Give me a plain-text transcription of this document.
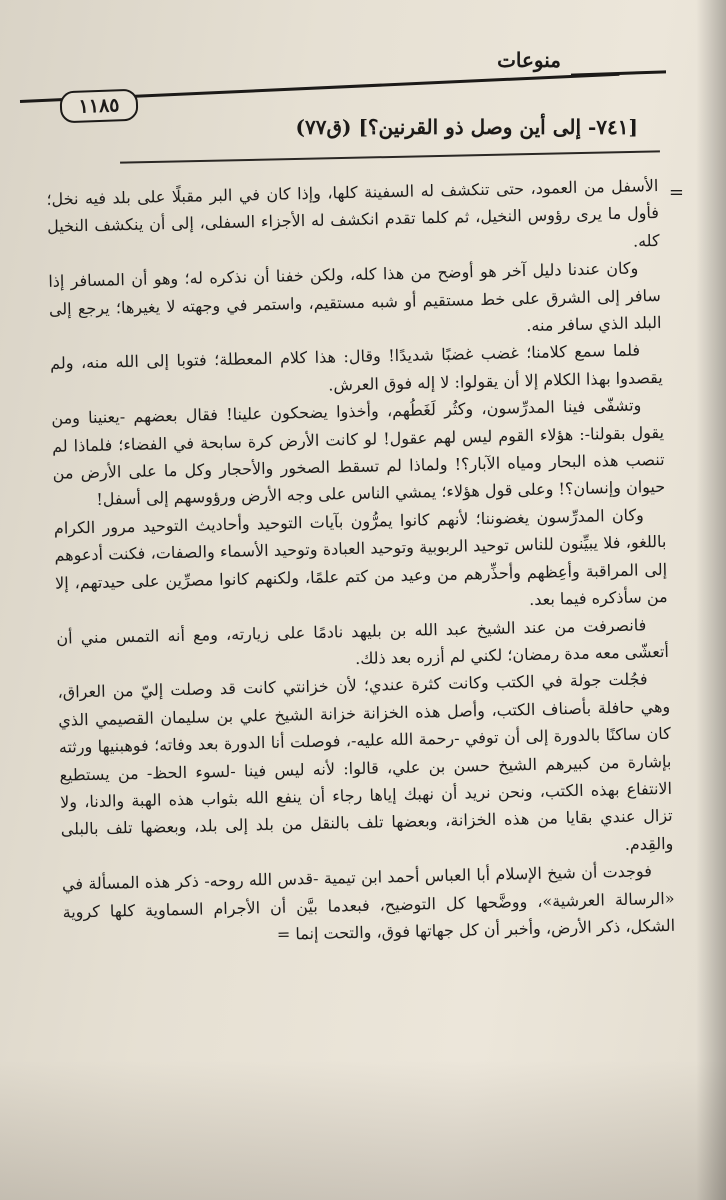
منوعات
١١٨٥
[٧٤١- إلى أين وصل ذو القرنين؟] (ق٧٧)
=

الأسفل من العمود، حتى تنكشف له السفينة كلها، وإذا كان في البر مقبلًا على بلد فيه نخل؛ فأول ما يرى رؤوس النخيل، ثم كلما تقدم انكشف له الأجزاء السفلى، إلى أن ينكشف النخيل كله.

وكان عندنا دليل آخر هو أوضح من هذا كله، ولكن خفنا أن نذكره له؛ وهو أن المسافر إذا سافر إلى الشرق على خط مستقيم أو شبه مستقيم، واستمر في وجهته لا يغيرها؛ يرجع إلى البلد الذي سافر منه.

فلما سمع كلامنا؛ غضب غضبًا شديدًا! وقال: هذا كلام المعطلة؛ فتوبا إلى الله منه، ولم يقصدوا بهذا الكلام إلا أن يقولوا: لا إله فوق العرش.

وتشفّى فينا المدرِّسون، وكثُر لَغَطُهم، وأخذوا يضحكون علينا! فقال بعضهم -يعنينا ومن يقول بقولنا-: هؤلاء القوم ليس لهم عقول! لو كانت الأرض كرة سابحة في الفضاء؛ فلماذا لم تنصب هذه البحار ومياه الآبار؟! ولماذا لم تسقط الصخور والأحجار وكل ما على الأرض من حيوان وإنسان؟! وعلى قول هؤلاء؛ يمشي الناس على وجه الأرض ورؤوسهم إلى أسفل!

وكان المدرِّسون يغضوننا؛ لأنهم كانوا يمرُّون بآيات التوحيد وأحاديث التوحيد مرور الكرام باللغو، فلا يبيِّنون للناس توحيد الربوبية وتوحيد العبادة وتوحيد الأسماء والصفات، فكنت أدعوهم إلى المراقبة وأعِظهم وأحذِّرهم من وعيد من كتم علمًا، ولكنهم كانوا مصرِّين على حيدتهم، إلا من سأذكره فيما بعد.

فانصرفت من عند الشيخ عبد الله بن بليهد نادمًا على زيارته، ومع أنه التمس مني أن أتعشّى معه مدة رمضان؛ لكني لم أزره بعد ذلك.

فجُلت جولة في الكتب وكانت كثرة عندي؛ لأن خزانتي كانت قد وصلت إليّ من العراق، وهي حافلة بأصناف الكتب، وأصل هذه الخزانة خزانة الشيخ علي بن سليمان القصيمي الذي كان ساكنًا بالدورة إلى أن توفي -رحمة الله عليه-، فوصلت أنا الدورة بعد وفاته؛ فوهبنيها ورثته بإشارة من كبيرهم الشيخ حسن بن علي، قالوا: لأنه ليس فينا -لسوء الحظ- من يستطيع الانتفاع بهذه الكتب، ونحن نريد أن نهبك إياها رجاء أن ينفع الله بثواب هذه الهبة والدنا، ولا تزال عندي بقايا من هذه الخزانة، وبعضها تلف بالنقل من بلد إلى بلد، وبعضها تلف بالبلى والقِدم.

فوجدت أن شيخ الإسلام أبا العباس أحمد ابن تيمية -قدس الله روحه- ذكر هذه المسألة في «الرسالة العرشية»، ووضَّحها كل التوضيح، فبعدما بيَّن أن الأجرام السماوية كلها كروية الشكل، ذكر الأرض، وأخبر أن كل جهاتها فوق، والتحت إنما =
